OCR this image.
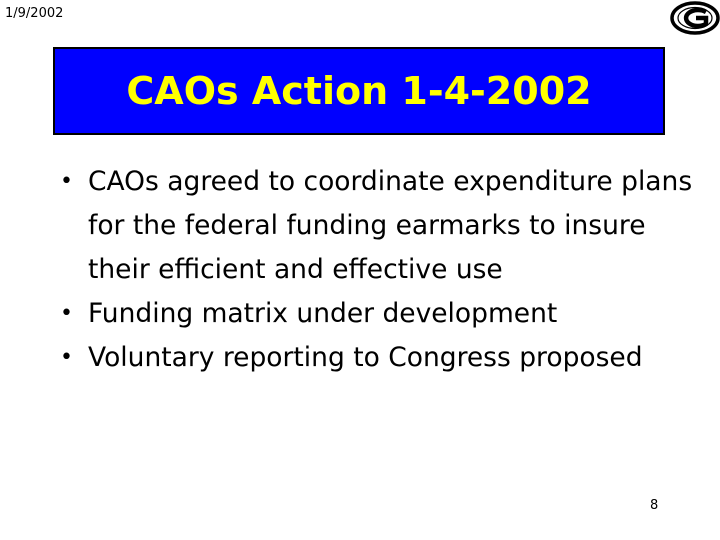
1/9/2002
CAOs Action 1-4-2002
• CAOs agreed to coordinate expenditure plans for the federal funding earmarks to insure their efficient and effective use
• Funding matrix under development
• Voluntary reporting to Congress proposed
8
